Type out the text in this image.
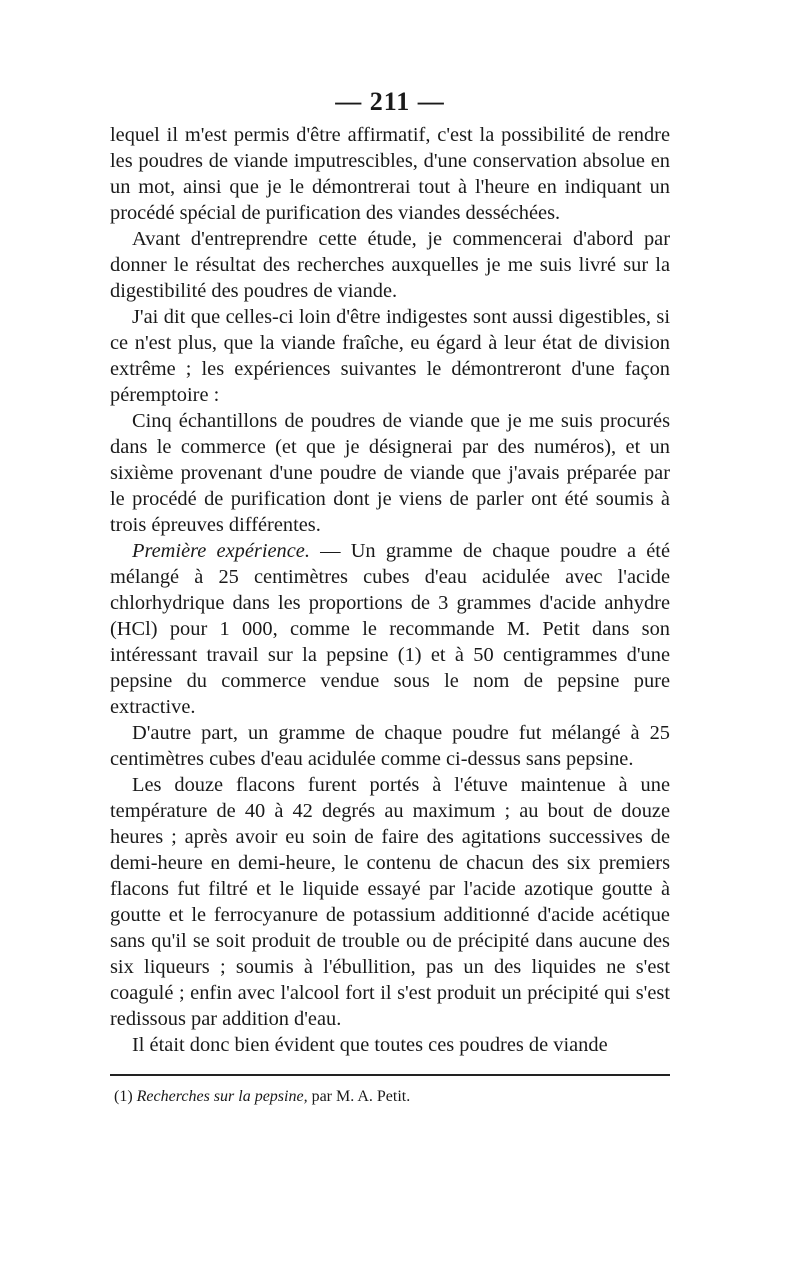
— 211 —

lequel il m'est permis d'être affirmatif, c'est la possibilité de rendre les poudres de viande imputrescibles, d'une conservation absolue en un mot, ainsi que je le démontrerai tout à l'heure en indiquant un procédé spécial de purification des viandes desséchées.

Avant d'entreprendre cette étude, je commencerai d'abord par donner le résultat des recherches auxquelles je me suis livré sur la digestibilité des poudres de viande.

J'ai dit que celles-ci loin d'être indigestes sont aussi digestibles, si ce n'est plus, que la viande fraîche, eu égard à leur état de division extrême ; les expériences suivantes le démontreront d'une façon péremptoire :

Cinq échantillons de poudres de viande que je me suis procurés dans le commerce (et que je désignerai par des numéros), et un sixième provenant d'une poudre de viande que j'avais préparée par le procédé de purification dont je viens de parler ont été soumis à trois épreuves différentes.

Première expérience. — Un gramme de chaque poudre a été mélangé à 25 centimètres cubes d'eau acidulée avec l'acide chlorhydrique dans les proportions de 3 grammes d'acide anhydre (HCl) pour 1 000, comme le recommande M. Petit dans son intéressant travail sur la pepsine (1) et à 50 centigrammes d'une pepsine du commerce vendue sous le nom de pepsine pure extractive.

D'autre part, un gramme de chaque poudre fut mélangé à 25 centimètres cubes d'eau acidulée comme ci-dessus sans pepsine.

Les douze flacons furent portés à l'étuve maintenue à une température de 40 à 42 degrés au maximum ; au bout de douze heures ; après avoir eu soin de faire des agitations successives de demi-heure en demi-heure, le contenu de chacun des six premiers flacons fut filtré et le liquide essayé par l'acide azotique goutte à goutte et le ferrocyanure de potassium additionné d'acide acétique sans qu'il se soit produit de trouble ou de précipité dans aucune des six liqueurs ; soumis à l'ébullition, pas un des liquides ne s'est coagulé ; enfin avec l'alcool fort il s'est produit un précipité qui s'est redissous par addition d'eau.

Il était donc bien évident que toutes ces poudres de viande

(1) Recherches sur la pepsine, par M. A. Petit.
